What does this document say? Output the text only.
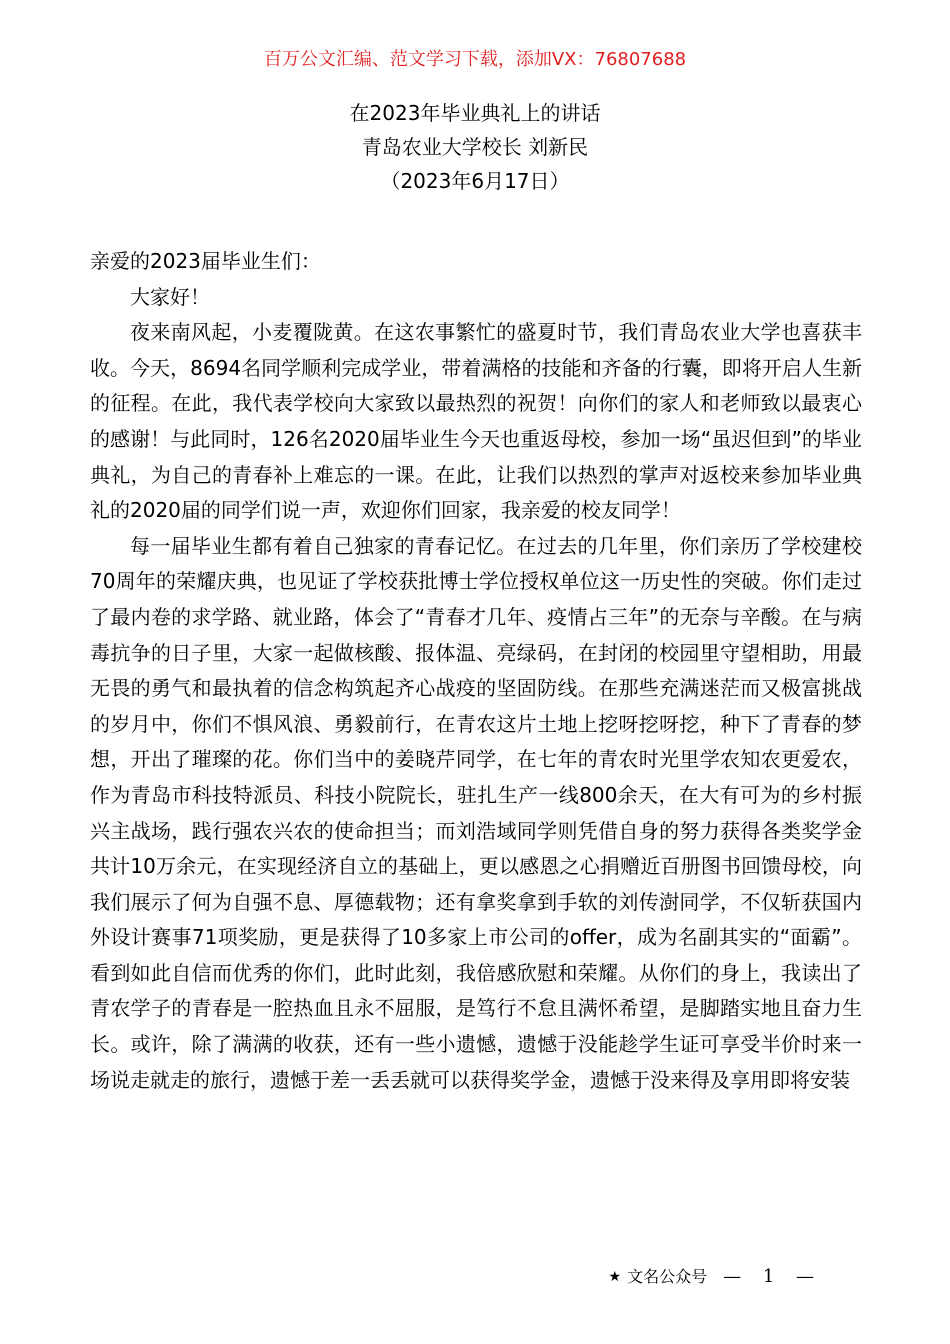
百万公文汇编、范文学习下载，添加VX：76807688
在2023年毕业典礼上的讲话
青岛农业大学校长 刘新民
（2023年6月17日）

亲爱的2023届毕业生们：

大家好！

夜来南风起，小麦覆陇黄。在这农事繁忙的盛夏时节，我们青岛农业大学也喜获丰收。今天，8694名同学顺利完成学业，带着满格的技能和齐备的行囊，即将开启人生新的征程。在此，我代表学校向大家致以最热烈的祝贺！向你们的家人和老师致以最衷心的感谢！与此同时，126名2020届毕业生今天也重返母校，参加一场“虽迟但到”的毕业典礼，为自己的青春补上难忘的一课。在此，让我们以热烈的掌声对返校来参加毕业典礼的2020届的同学们说一声，欢迎你们回家，我亲爱的校友同学！

每一届毕业生都有着自己独家的青春记忆。在过去的几年里，你们亲历了学校建校70周年的荣耀庆典，也见证了学校获批博士学位授权单位这一历史性的突破。你们走过了最内卷的求学路、就业路，体会了“青春才几年、疫情占三年”的无奈与辛酸。在与病毒抗争的日子里，大家一起做核酸、报体温、亮绿码，在封闭的校园里守望相助，用最无畏的勇气和最执着的信念构筑起齐心战疫的坚固防线。在那些充满迷茫而又极富挑战的岁月中，你们不惧风浪、勇毅前行，在青农这片土地上挖呀挖呀挖，种下了青春的梦想，开出了璀璨的花。你们当中的姜晓芹同学，在七年的青农时光里学农知农更爱农，作为青岛市科技特派员、科技小院院长，驻扎生产一线800余天，在大有可为的乡村振兴主战场，践行强农兴农的使命担当；而刘浩域同学则凭借自身的努力获得各类奖学金共计10万余元，在实现经济自立的基础上，更以感恩之心捐赠近百册图书回馈母校，向我们展示了何为自强不息、厚德载物；还有拿奖拿到手软的刘传澍同学，不仅斩获国内外设计赛事71项奖励，更是获得了10多家上市公司的offer，成为名副其实的“面霸”。看到如此自信而优秀的你们，此时此刻，我倍感欣慰和荣耀。从你们的身上，我读出了青农学子的青春是一腔热血且永不屈服，是笃行不怠且满怀希望，是脚踏实地且奋力生长。或许，除了满满的收获，还有一些小遗憾，遗憾于没能趁学生证可享受半价时来一场说走就走的旅行，遗憾于差一丢丢就可以获得奖学金，遗憾于没来得及享用即将安装

★ 文名公众号 — 1 —
